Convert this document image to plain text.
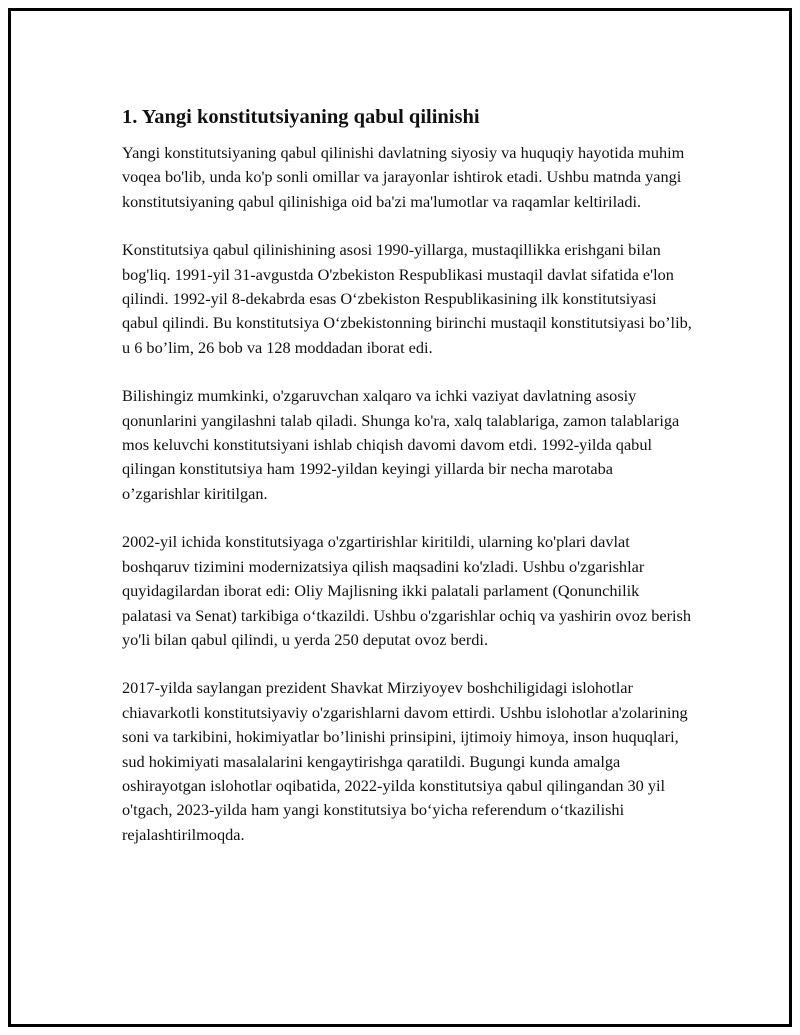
1. Yangi konstitutsiyaning qabul qilinishi

Yangi konstitutsiyaning qabul qilinishi davlatning siyosiy va huquqiy hayotida muhim voqea bo'lib, unda ko'p sonli omillar va jarayonlar ishtirok etadi. Ushbu matnda yangi konstitutsiyaning qabul qilinishiga oid ba'zi ma'lumotlar va raqamlar keltiriladi.

Konstitutsiya qabul qilinishining asosi 1990-yillarga, mustaqillikka erishgani bilan bog'liq. 1991-yil 31-avgustda O'zbekiston Respublikasi mustaqil davlat sifatida e'lon qilindi. 1992-yil 8-dekabrda esas O‘zbekiston Respublikasining ilk konstitutsiyasi qabul qilindi. Bu konstitutsiya O‘zbekistonning birinchi mustaqil konstitutsiyasi bo’lib, u 6 bo’lim, 26 bob va 128 moddadan iborat edi.

Bilishingiz mumkinki, o'zgaruvchan xalqaro va ichki vaziyat davlatning asosiy qonunlarini yangilashni talab qiladi. Shunga ko'ra, xalq talablariga, zamon talablariga mos keluvchi konstitutsiyani ishlab chiqish davomi davom etdi. 1992-yilda qabul qilingan konstitutsiya ham 1992-yildan keyingi yillarda bir necha marotaba o’zgarishlar kiritilgan.

2002-yil ichida konstitutsiyaga o'zgartirishlar kiritildi, ularning ko'plari davlat boshqaruv tizimini modernizatsiya qilish maqsadini ko'zladi. Ushbu o'zgarishlar quyidagilardan iborat edi: Oliy Majlisning ikki palatali parlament (Qonunchilik palatasi va Senat) tarkibiga o‘tkazildi. Ushbu o'zgarishlar ochiq va yashirin ovoz berish yo'li bilan qabul qilindi, u yerda 250 deputat ovoz berdi.

2017-yilda saylangan prezident Shavkat Mirziyoyev boshchiligidagi islohotlar chiavarkotli konstitutsiyaviy o'zgarishlarni davom ettirdi. Ushbu islohotlar a'zolarining soni va tarkibini, hokimiyatlar bo’linishi prinsipini, ijtimoiy himoya, inson huquqlari, sud hokimiyati masalalarini kengaytirishga qaratildi. Bugungi kunda amalga oshirayotgan islohotlar oqibatida, 2022-yilda konstitutsiya qabul qilingandan 30 yil o'tgach, 2023-yilda ham yangi konstitutsiya bo‘yicha referendum o‘tkazilishi rejalashtirilmoqda.
